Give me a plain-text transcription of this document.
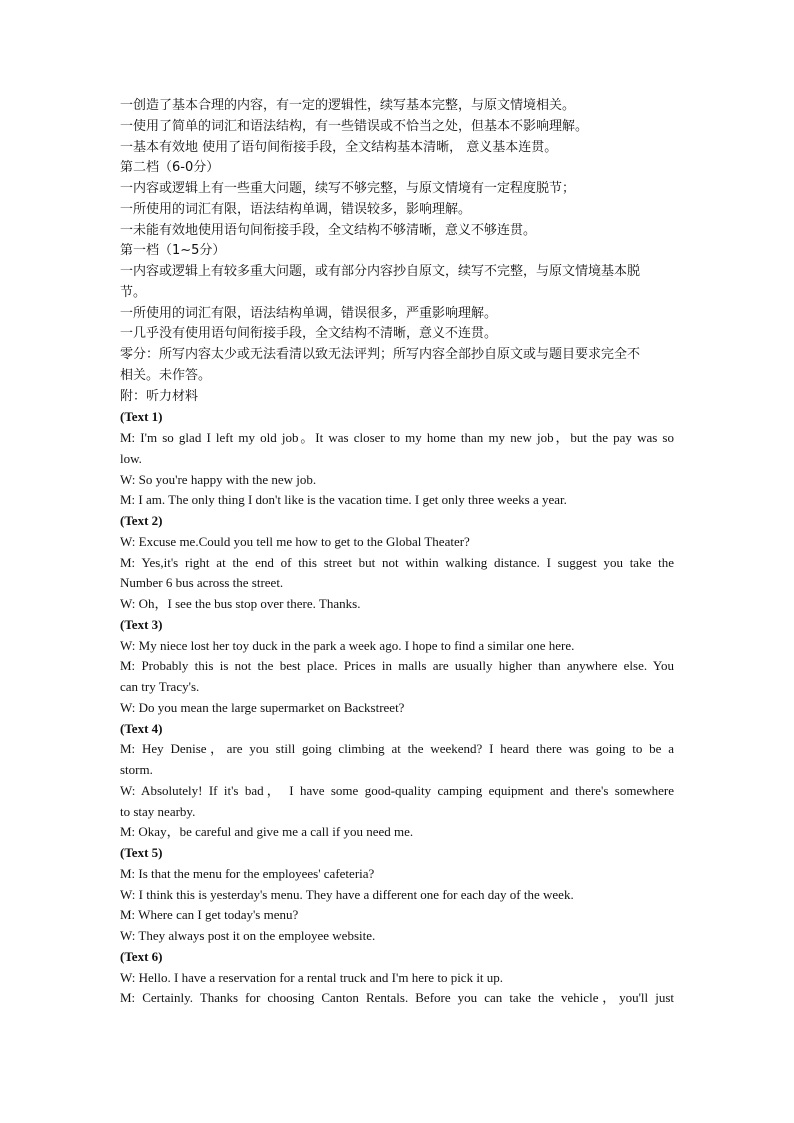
一创造了基本合理的内容，有一定的逻辑性，续写基本完整，与原文情境相关。
一使用了简单的词汇和语法结构，有一些错误或不恰当之处，但基本不影响理解。
一基本有效地 使用了语句间衔接手段，全文结构基本清晰， 意义基本连贯。
第二档（6-0分）
一内容或逻辑上有一些重大问题，续写不够完整，与原文情境有一定程度脱节；
一所使用的词汇有限，语法结构单调，错误较多，影响理解。
一未能有效地使用语句间衔接手段，全文结构不够清晰，意义不够连贯。
第一档（1~5分）
一内容或逻辑上有较多重大问题，或有部分内容抄自原文，续写不完整，与原文情境基本脱
节。
一所使用的词汇有限，语法结构单调，错误很多，严重影响理解。
一几乎没有使用语句间衔接手段，全文结构不清晰，意义不连贯。
零分：所写内容太少或无法看清以致无法评判；所写内容全部抄自原文或与题目要求完全不
相关。未作答。
附：听力材料
(Text 1)
M: I'm so glad I left my old job。It was closer to my home than my new job，but the pay was so
low.
W: So you're happy with the new job.
M: I am. The only thing I don't like is the vacation time. I get only three weeks a year.
(Text 2)
W: Excuse me.Could you tell me how to get to the Global Theater?
M: Yes,it's right at the end of this street but not within walking distance. I suggest you take the
Number 6 bus across the street.
W: Oh，I see the bus stop over there. Thanks.
(Text 3)
W: My niece lost her toy duck in the park a week ago. I hope to find a similar one here.
M: Probably this is not the best place. Prices in malls are usually higher than anywhere else. You
can try Tracy's.
W: Do you mean the large supermarket on Backstreet?
(Text 4)
M: Hey Denise，are you still going climbing at the weekend? I heard there was going to be a
storm.
W: Absolutely! If it's bad， I have some good-quality camping equipment and there's somewhere
to stay nearby.
M: Okay，be careful and give me a call if you need me.
(Text 5)
M: Is that the menu for the employees' cafeteria?
W: I think this is yesterday's menu. They have a different one for each day of the week.
M: Where can I get today's menu?
W: They always post it on the employee website.
(Text 6)
W: Hello. I have a reservation for a rental truck and I'm here to pick it up.
M: Certainly. Thanks for choosing Canton Rentals. Before you can take the vehicle，you'll just
